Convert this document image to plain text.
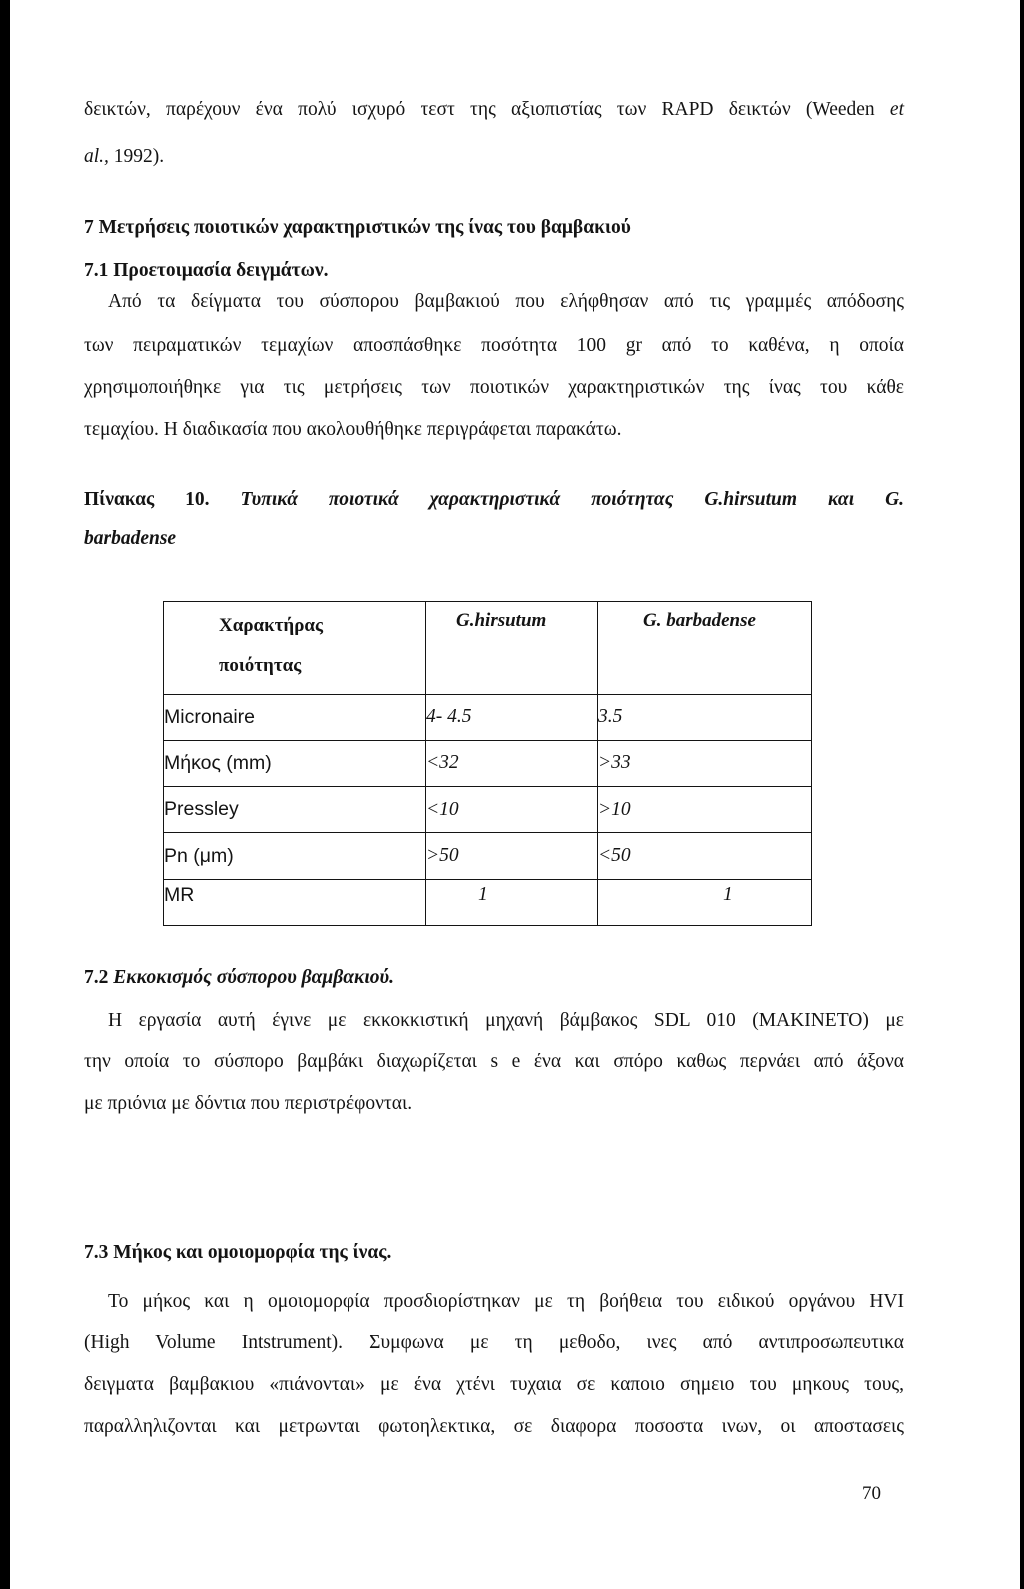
δεικτών, παρέχουν ένα πολύ ισχυρό τεστ της αξιοπιστίας των RAPD δεικτών (Weeden et
al., 1992).
7 Μετρήσεις ποιοτικών χαρακτηριστικών της ίνας του βαμβακιού
7.1 Προετοιμασία δειγμάτων.
Από τα δείγματα του σύσπορου βαμβακιού που ελήφθησαν από τις γραμμές απόδοσης
των πειραματικών τεμαχίων αποσπάσθηκε ποσότητα 100 gr από το καθένα, η οποία
χρησιμοποιήθηκε για τις μετρήσεις των ποιοτικών χαρακτηριστικών της ίνας του κάθε
τεμαχίου. Η διαδικασία που ακολουθήθηκε περιγράφεται παρακάτω.
Πίνακας 10. Τυπικά ποιοτικά χαρακτηριστικά ποιότητας G.hirsutum και G.
barbadense
Χαρακτήρας
ποιότητας	G.hirsutum	G. barbadense

Micronaire	4- 4.5	3.5
Μήκος (mm)	<32	>33
Pressley	<10	>10
Pn (μm)	>50	<50
MR	1	1
7.2 Εκκοκισμός σύσπορου βαμβακιού.
Η εργασία αυτή έγινε με εκκοκκιστική μηχανή βάμβακος SDL 010 (MAKINETO) με
την οποία το σύσπορο βαμβάκι διαχωρίζεται s e ένα και σπόρο καθως περνάει από άξονα
με πριόνια με δόντια που περιστρέφονται.
7.3 Μήκος και ομοιομορφία της ίνας.
Το μήκος και η ομοιομορφία προσδιορίστηκαν με τη βοήθεια του ειδικού οργάνου HVI
(High Volume Intstrument). Συμφωνα με τη μεθοδο, ινες από αντιπροσωπευτικα
δειγματα βαμβακιου «πιάνονται» με ένα χτένι τυχαια σε καποιο σημειο του μηκους τους,
παραλληλιζονται και μετρωνται φωτοηλεκτικα, σε διαφορα ποσοστα ινων, οι αποστασεις
70
